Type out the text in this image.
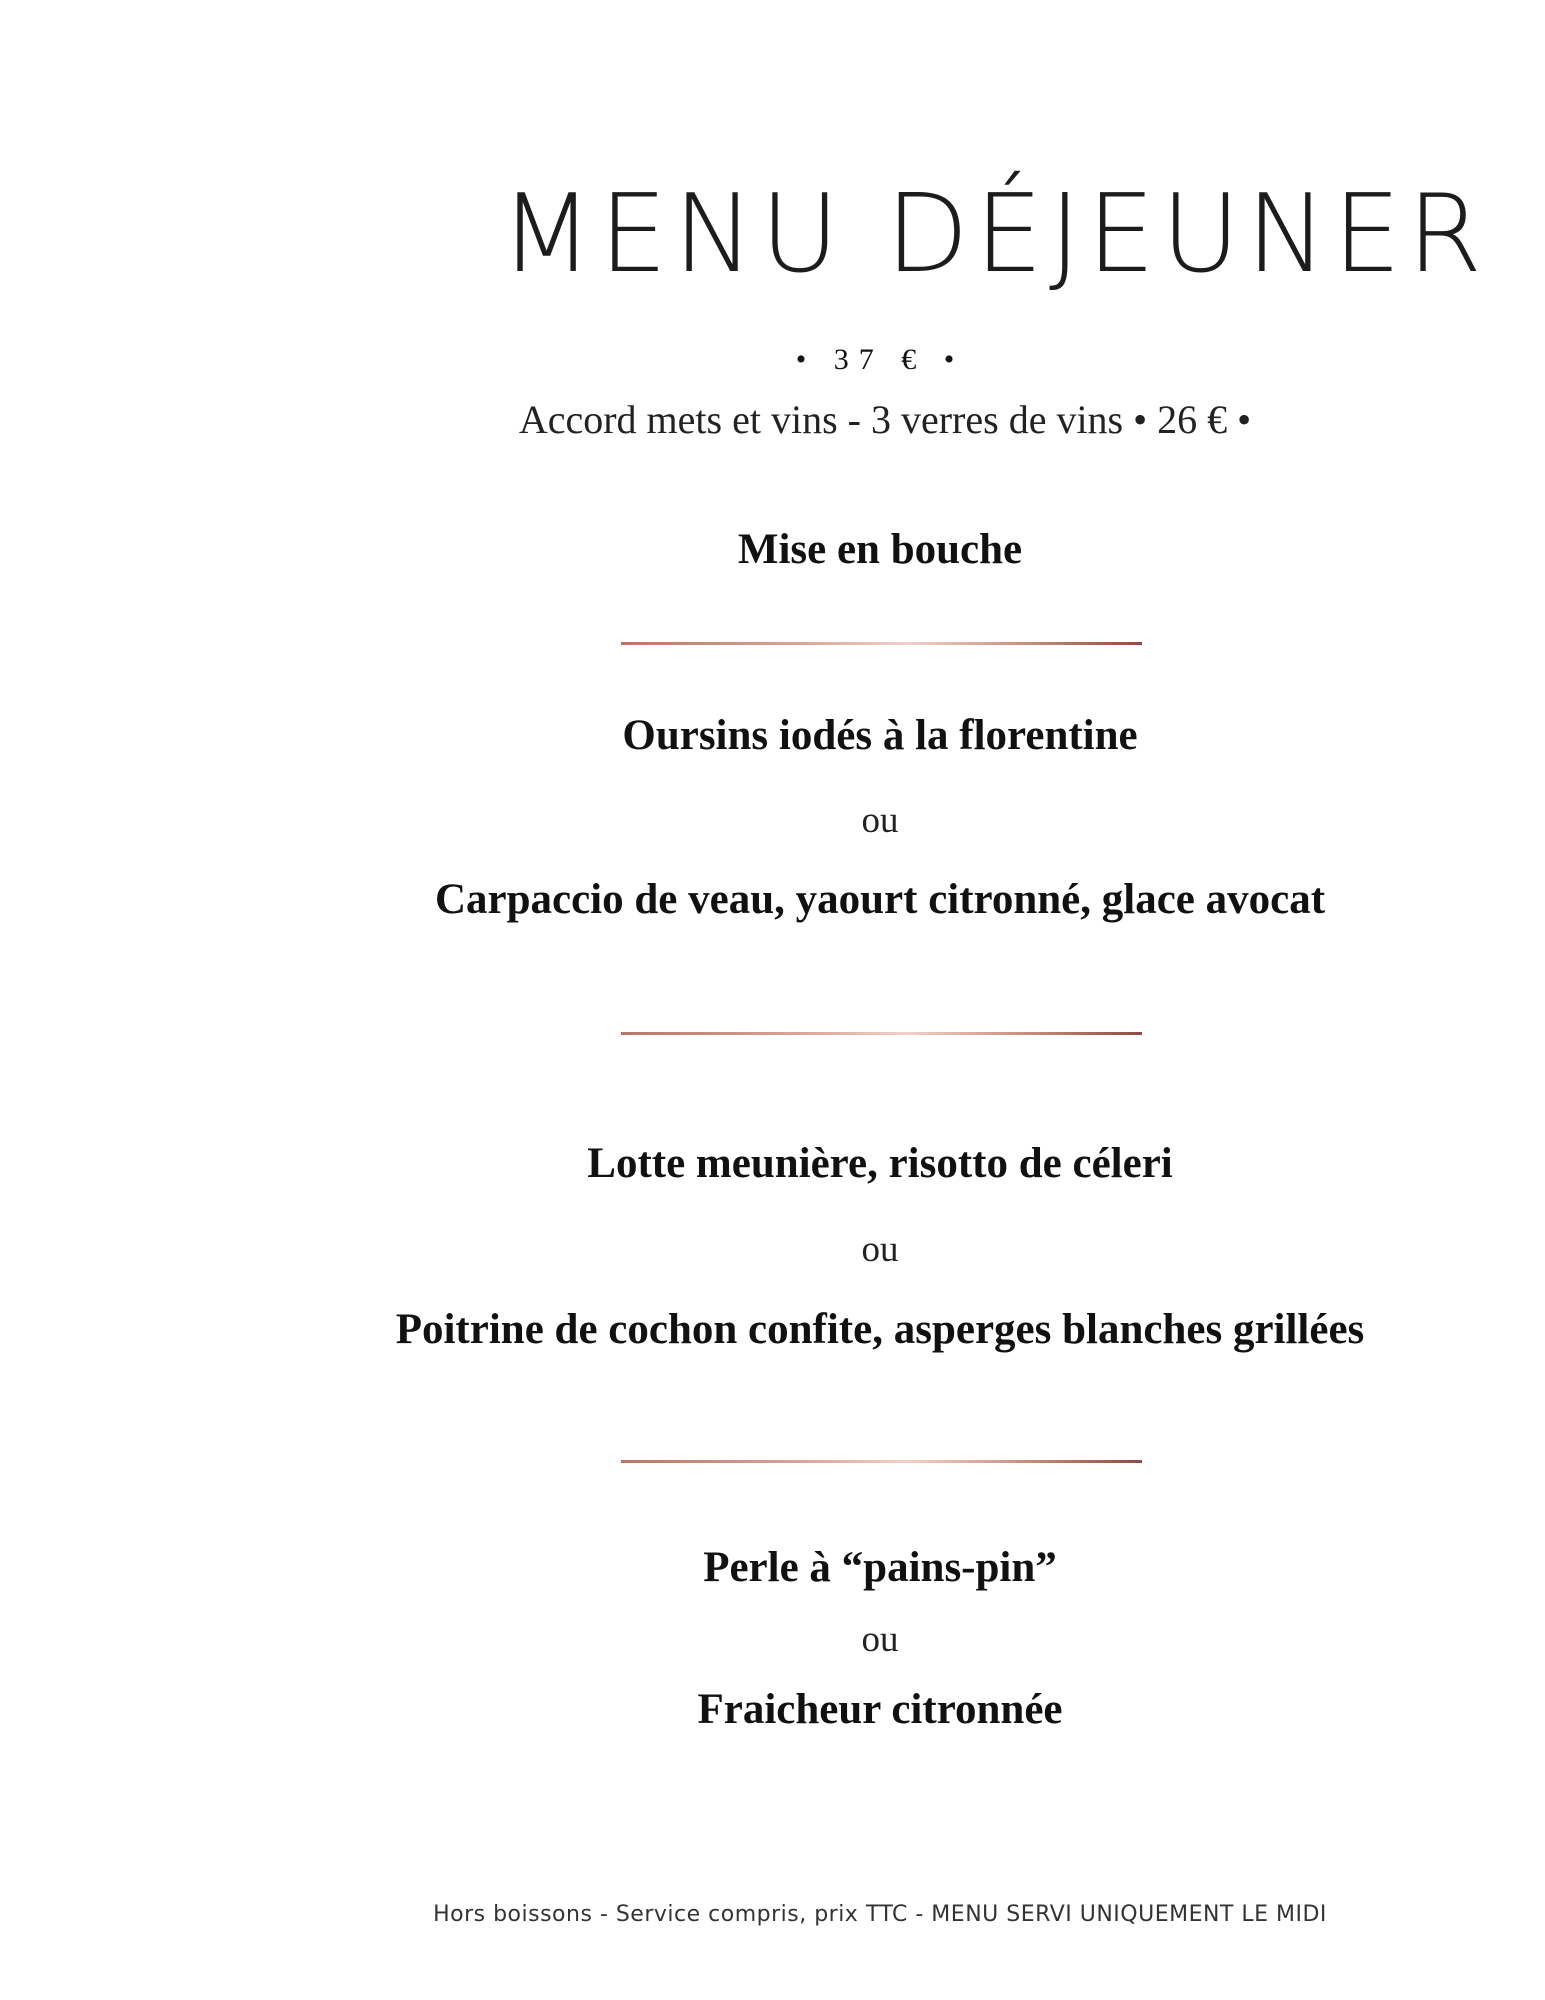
MENU DÉJEUNER
• 37 € •
Accord mets et vins - 3 verres de vins • 26 € •
Mise en bouche
Oursins iodés à la florentine
ou
Carpaccio de veau, yaourt citronné, glace avocat
Lotte meunière, risotto de céleri
ou
Poitrine de cochon confite, asperges blanches grillées
Perle à “pains-pin”
ou
Fraicheur citronnée
Hors boissons - Service compris, prix TTC - MENU SERVI UNIQUEMENT LE MIDI
